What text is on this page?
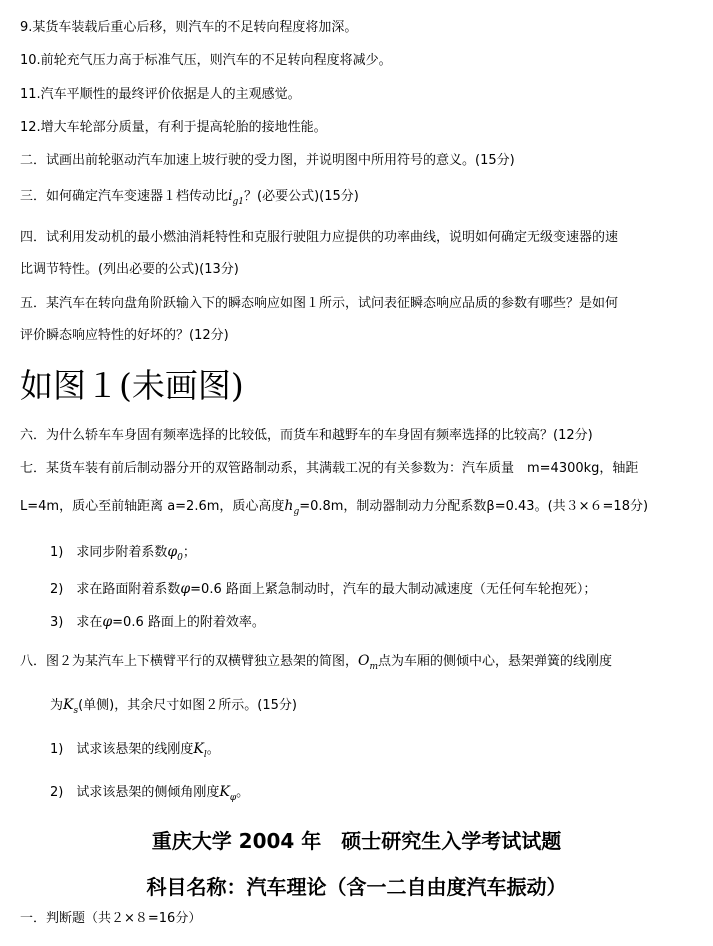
9.某货车装载后重心后移，则汽车的不足转向程度将加深。
10.前轮充气压力高于标准气压，则汽车的不足转向程度将减少。
11.汽车平顺性的最终评价依据是人的主观感觉。
12.增大车轮部分质量，有利于提高轮胎的接地性能。
二．试画出前轮驱动汽车加速上坡行驶的受力图，并说明图中所用符号的意义。(15分)
三．如何确定汽车变速器１档传动比$i_{g1}$？(必要公式)(15分)
四．试利用发动机的最小燃油消耗特性和克服行驶阻力应提供的功率曲线，说明如何确定无级变速器的速
比调节特性。(列出必要的公式)(13分)
五．某汽车在转向盘角阶跃输入下的瞬态响应如图１所示，试问表征瞬态响应品质的参数有哪些？是如何
评价瞬态响应特性的好坏的？(12分)
如图１(未画图)
六．为什么轿车车身固有频率选择的比较低，而货车和越野车的车身固有频率选择的比较高？(12分)
七．某货车装有前后制动器分开的双管路制动系，其满载工况的有关参数为：汽车质量　m=4300kg，轴距
L=4m，质心至前轴距离 a=2.6m，质心高度$h_g=0.8m$，制动器制动力分配系数β=0.43。(共３×６=18分)
1)　求同步附着系数$\varphi_0$；
2)　求在路面附着系数φ=0.6 路面上紧急制动时，汽车的最大制动减速度（无任何车轮抱死）；
3)　求在φ=0.6 路面上的附着效率。
八．图２为某汽车上下横臂平行的双横臂独立悬架的简图，$O_m$点为车厢的侧倾中心，悬架弹簧的线刚度
为$K_s$(单侧)，其余尺寸如图２所示。(15分)
1)　试求该悬架的线刚度$K_l$。
2)　试求该悬架的侧倾角刚度$K_\varphi$。
重庆大学 2004 年　硕士研究生入学考试试题
科目名称：汽车理论（含一二自由度汽车振动）
一．判断题（共２×８=16分）
